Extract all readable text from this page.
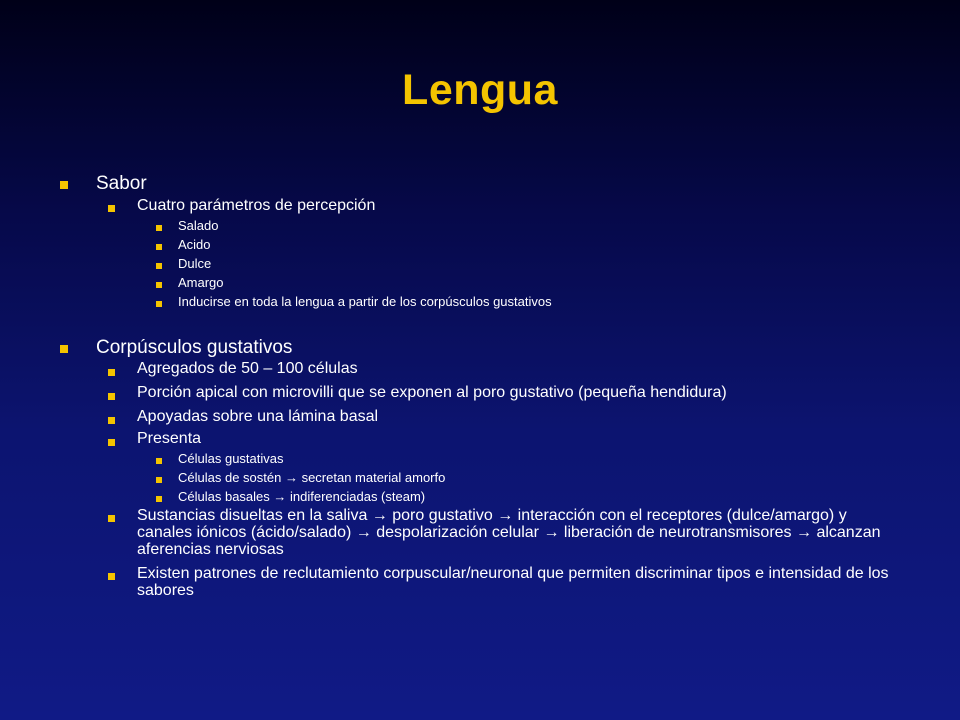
Lengua
Sabor
Cuatro parámetros de percepción
Salado
Acido
Dulce
Amargo
Inducirse en toda la lengua a partir de los corpúsculos gustativos
Corpúsculos gustativos
Agregados de 50 – 100 células
Porción apical con microvilli que se exponen al poro gustativo (pequeña hendidura)
Apoyadas sobre una lámina basal
Presenta
Células gustativas
Células de sostén → secretan material amorfo
Células basales → indiferenciadas (steam)
Sustancias disueltas en la saliva → poro gustativo → interacción con el receptores (dulce/amargo) y canales iónicos (ácido/salado) → despolarización celular → liberación de neurotransmisores → alcanzan aferencias nerviosas
Existen patrones de reclutamiento corpuscular/neuronal que permiten discriminar tipos e intensidad de los sabores
